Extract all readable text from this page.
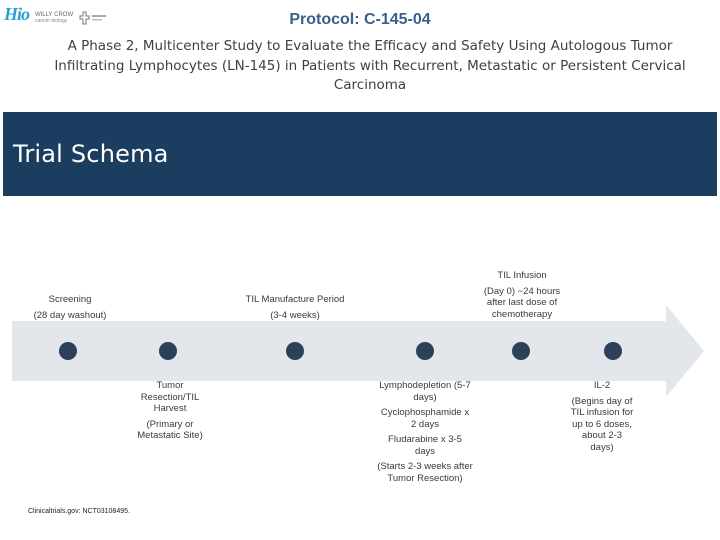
Hio WILLY CROW
cancer biology	Protocol: C-145-04
A Phase 2, Multicenter Study to Evaluate the Efficacy and Safety Using Autologous Tumor Infiltrating Lymphocytes (LN-145) in Patients with Recurrent, Metastatic or Persistent Cervical Carcinoma
Trial Schema

Screening

(28 day washout)

TIL Manufacture Period

(3-4 weeks)

TIL Infusion

(Day 0) ~24 hours after last dose of chemotherapy

Tumor Resection/TIL Harvest

(Primary or Metastatic Site)

Lymphodepletion (5-7 days)

Cyclophosphamide x 2 days

Fludarabine x 3-5 days

(Starts 2-3 weeks after Tumor Resection)

IL-2

(Begins day of TIL infusion for up to 6 doses, about 2-3 days)

Clinicaltrials.gov: NCT03108495.
